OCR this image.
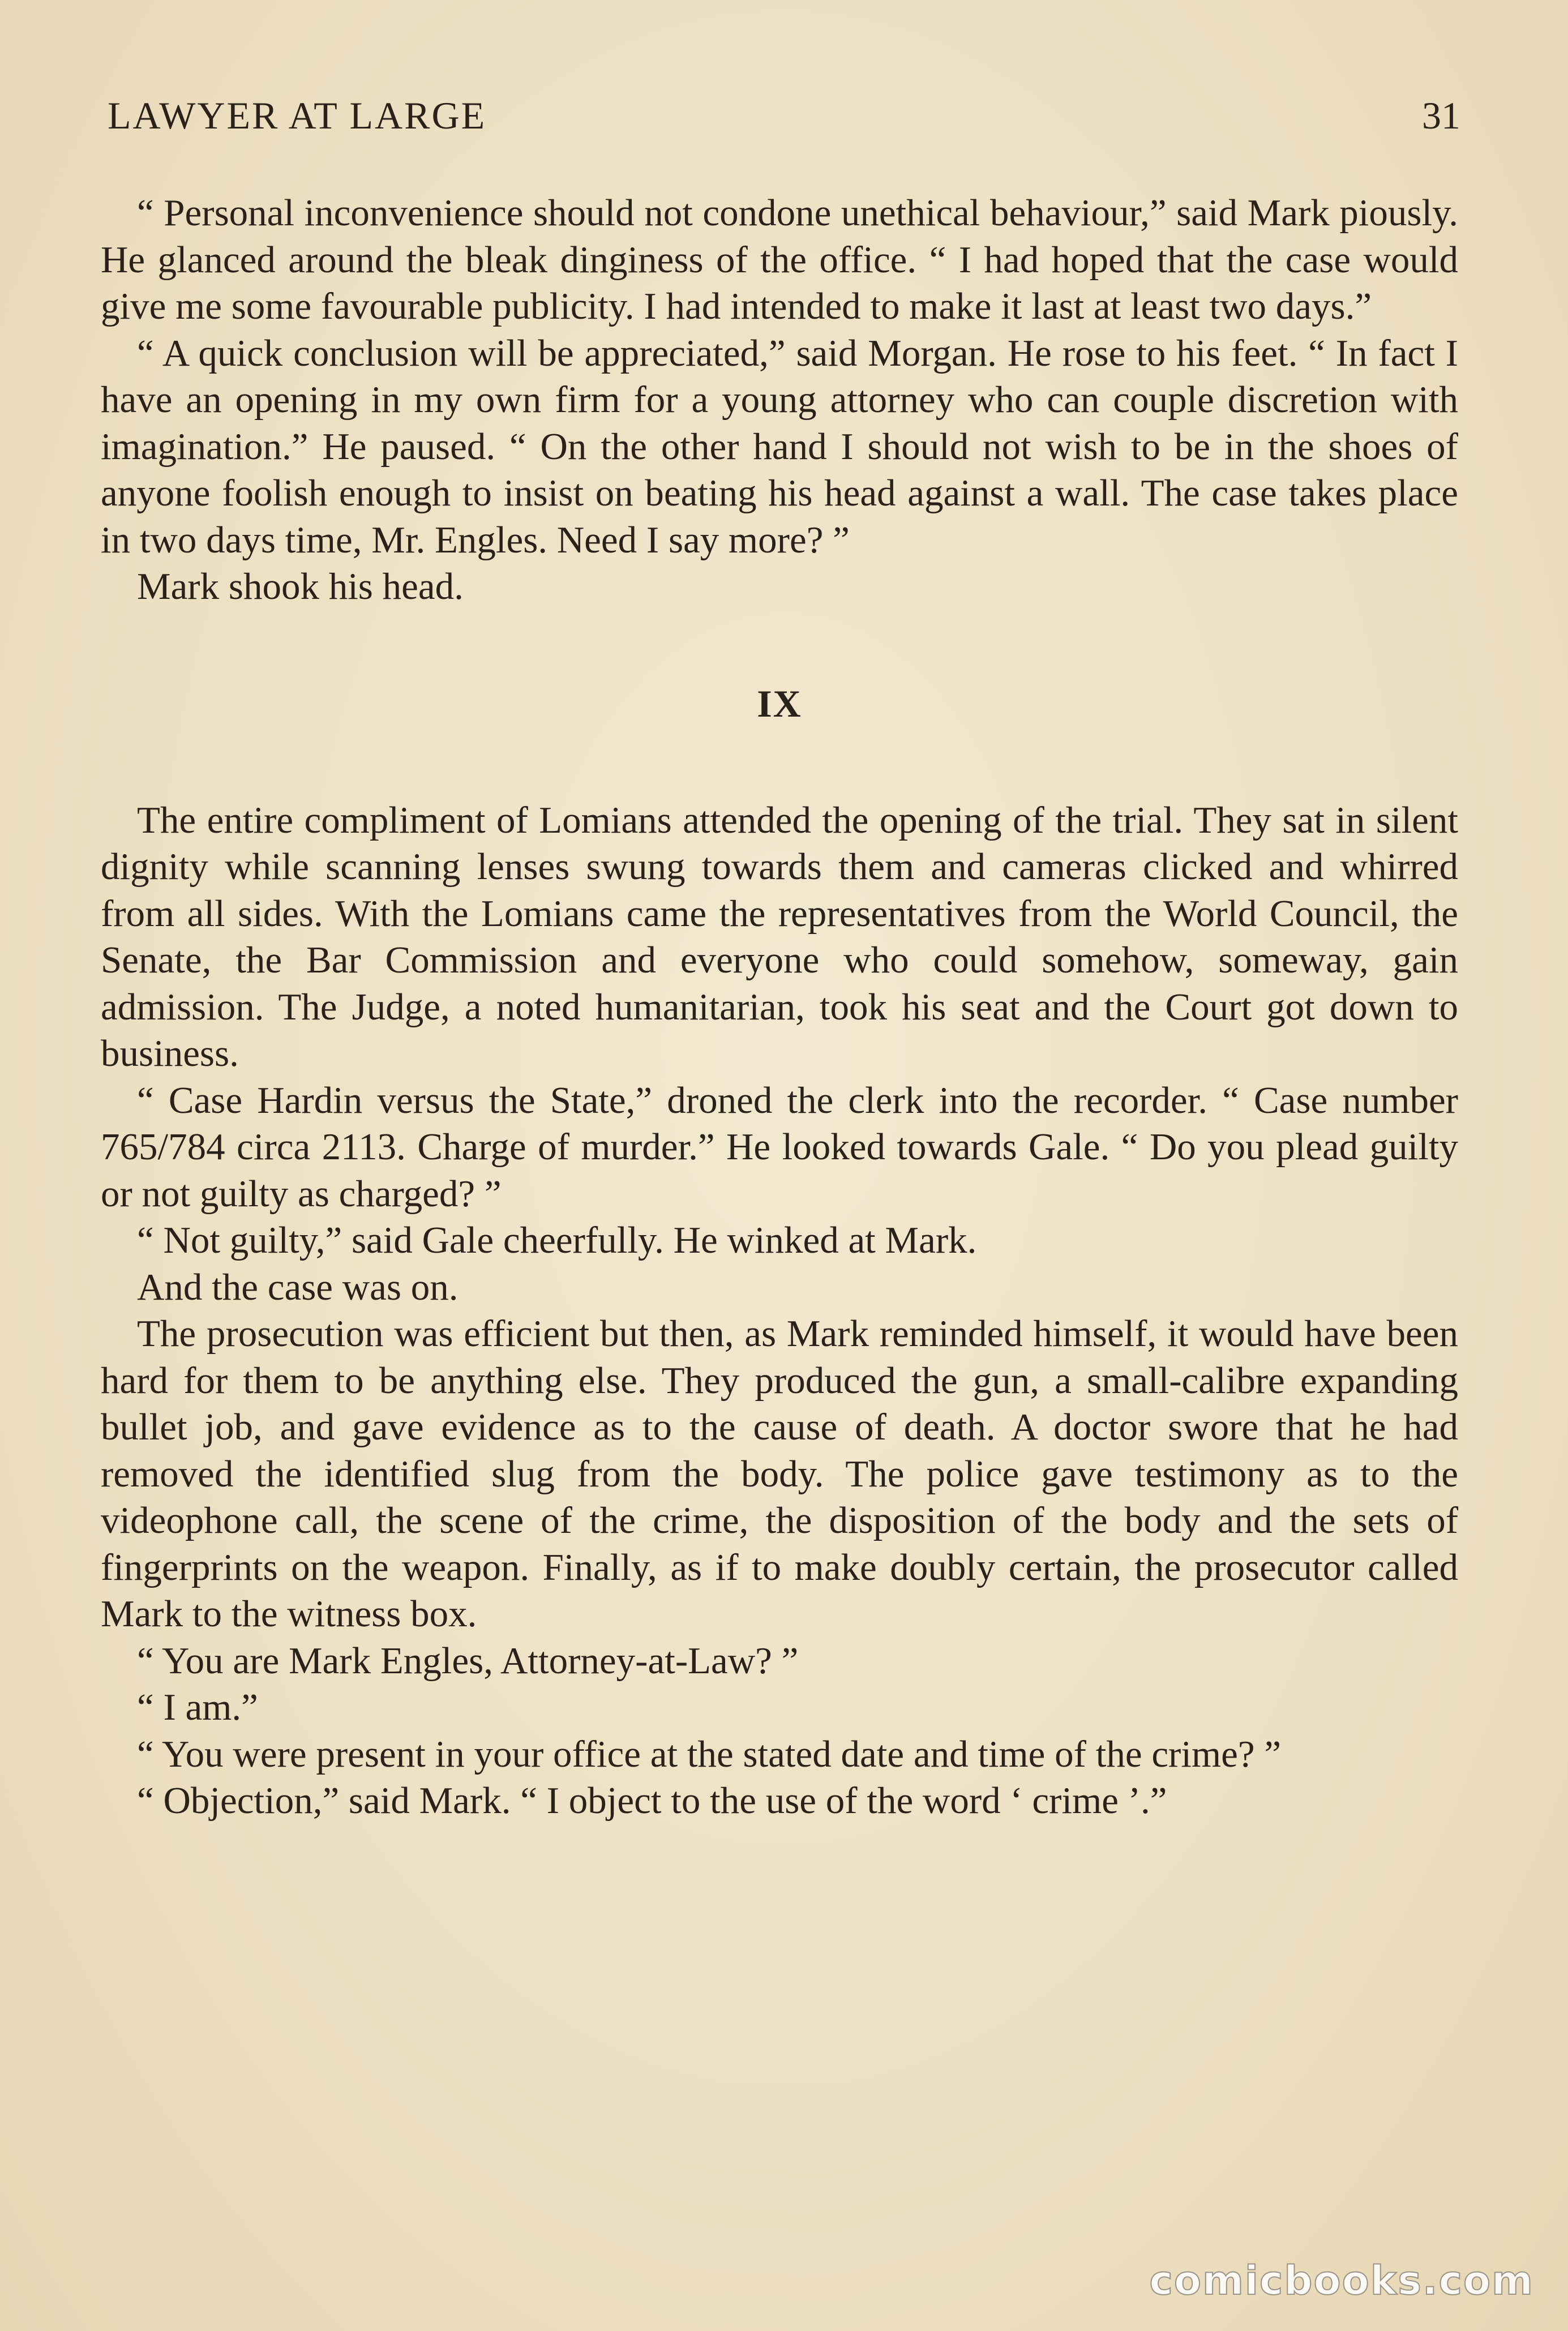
LAWYER AT LARGE	31

“ Personal inconvenience should not condone unethical behaviour,” said Mark piously. He glanced around the bleak dinginess of the office. “ I had hoped that the case would give me some favourable publicity. I had intended to make it last at least two days.”

“ A quick conclusion will be appreciated,” said Morgan. He rose to his feet. “ In fact I have an opening in my own firm for a young attorney who can couple discretion with imagination.” He paused. “ On the other hand I should not wish to be in the shoes of anyone foolish enough to insist on beating his head against a wall. The case takes place in two days time, Mr. Engles. Need I say more? ”

Mark shook his head.

IX

The entire compliment of Lomians attended the opening of the trial. They sat in silent dignity while scanning lenses swung towards them and cameras clicked and whirred from all sides. With the Lomians came the representatives from the World Council, the Senate, the Bar Commission and everyone who could somehow, someway, gain admission. The Judge, a noted humanitarian, took his seat and the Court got down to business.

“ Case Hardin versus the State,” droned the clerk into the recorder. “ Case number 765/784 circa 2113. Charge of murder.” He looked towards Gale. “ Do you plead guilty or not guilty as charged? ”

“ Not guilty,” said Gale cheerfully. He winked at Mark.

And the case was on.

The prosecution was efficient but then, as Mark reminded himself, it would have been hard for them to be anything else. They produced the gun, a small-calibre expanding bullet job, and gave evidence as to the cause of death. A doctor swore that he had removed the identified slug from the body. The police gave testimony as to the videophone call, the scene of the crime, the disposition of the body and the sets of fingerprints on the weapon. Finally, as if to make doubly certain, the prosecutor called Mark to the witness box.

“ You are Mark Engles, Attorney-at-Law? ”

“ I am.”

“ You were present in your office at the stated date and time of the crime? ”

“ Objection,” said Mark. “ I object to the use of the word ‘ crime ’.”

comicbooks.com
